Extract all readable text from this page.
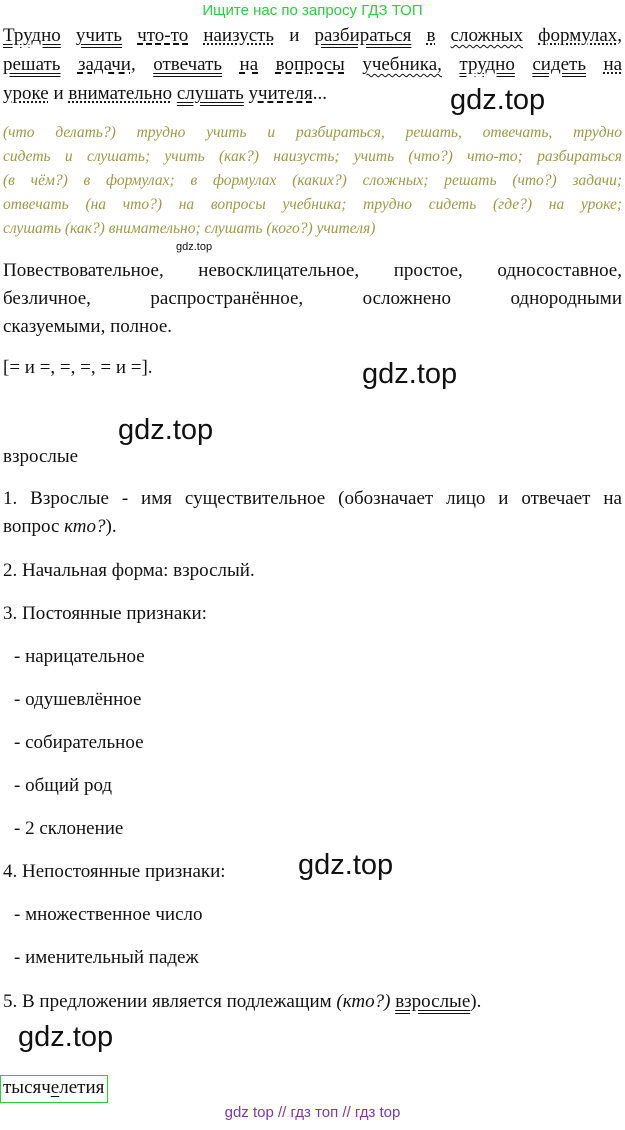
Ищите нас по запросу ГДЗ ТОП
Трудно учить что-то наизусть и разбираться в сложных формулах,
решать задачи, отвечать на вопросы учебника, трудно сидеть на
уроке и внимательно слушать учителя...	gdz.top
(что делать?) трудно учить и разбираться, решать, отвечать, трудно
сидеть и слушать; учить (как?) наизусть; учить (что?) что-то; разбираться
(в чём?) в формулах; в формулах (каких?) сложных; решать (что?) задачи;
отвечать (на что?) на вопросы учебника; трудно сидеть (где?) на уроке;
слушать (как?) внимательно; слушать (кого?) учителя)
gdz.top
Повествовательное, невосклицательное, простое, односоставное,
безличное, распространённое, осложнено однородными
сказуемыми, полное.
[= и =, =, =, = и =].	gdz.top
gdz.top
взрослые
1. Взрослые - имя существительное (обозначает лицо и отвечает на
вопрос кто?).
2. Начальная форма: взрослый.
3. Постоянные признаки:
- нарицательное
- одушевлённое
- собирательное
- общий род
- 2 склонение
4. Непостоянные признаки: gdz.top
- множественное число
- именительный падеж
5. В предложении является подлежащим (кто?) взрослые).
gdz.top
тысячелетия
gdz top // гдз топ // гдз top
